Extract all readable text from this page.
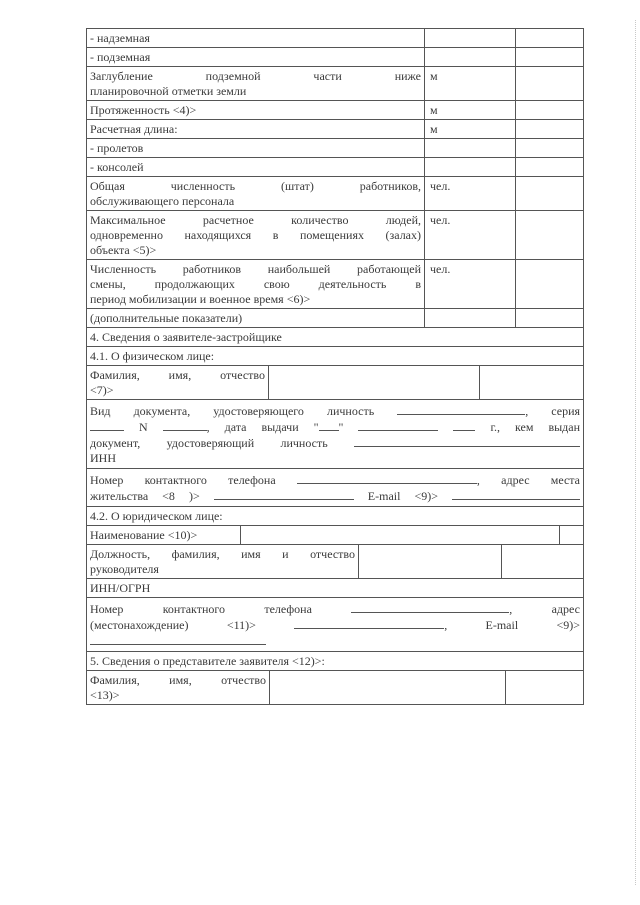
- надземная
- подземная
Заглубление подземной части ниже
планировочной отметки земли
м
Протяженность <4)>	м
Расчетная длина:	м
- пролетов
- консолей
Общая численность (штат) работников,
обслуживающего персонала
чел.
Максимальное расчетное количество людей,
одновременно находящихся в помещениях (залах)
объекта <5)>
чел.
Численность работников наибольшей работающей
смены, продолжающих свою деятельность в
период мобилизации и военное время <6)>
чел.
(дополнительные показатели)
4. Сведения о заявителе-застройщике
4.1. О физическом лице:
Фамилия, имя, отчество
<7)>
Вид документа, удостоверяющего личность	, серия
N	, дата выдачи " "	г., кем выдан
документ, удостоверяющий личность
ИНН
Номер контактного телефона	, адрес места
жительства <8 )>	E-mail <9)>
4.2. О юридическом лице:
Наименование <10)>
Должность, фамилия, имя и отчество
руководителя
ИНН/ОГРН
Номер контактного телефона	, адрес
(местонахождение) <11)>	, E-mail <9)>
5. Сведения о представителе заявителя <12)>:
Фамилия, имя, отчество
<13)>
